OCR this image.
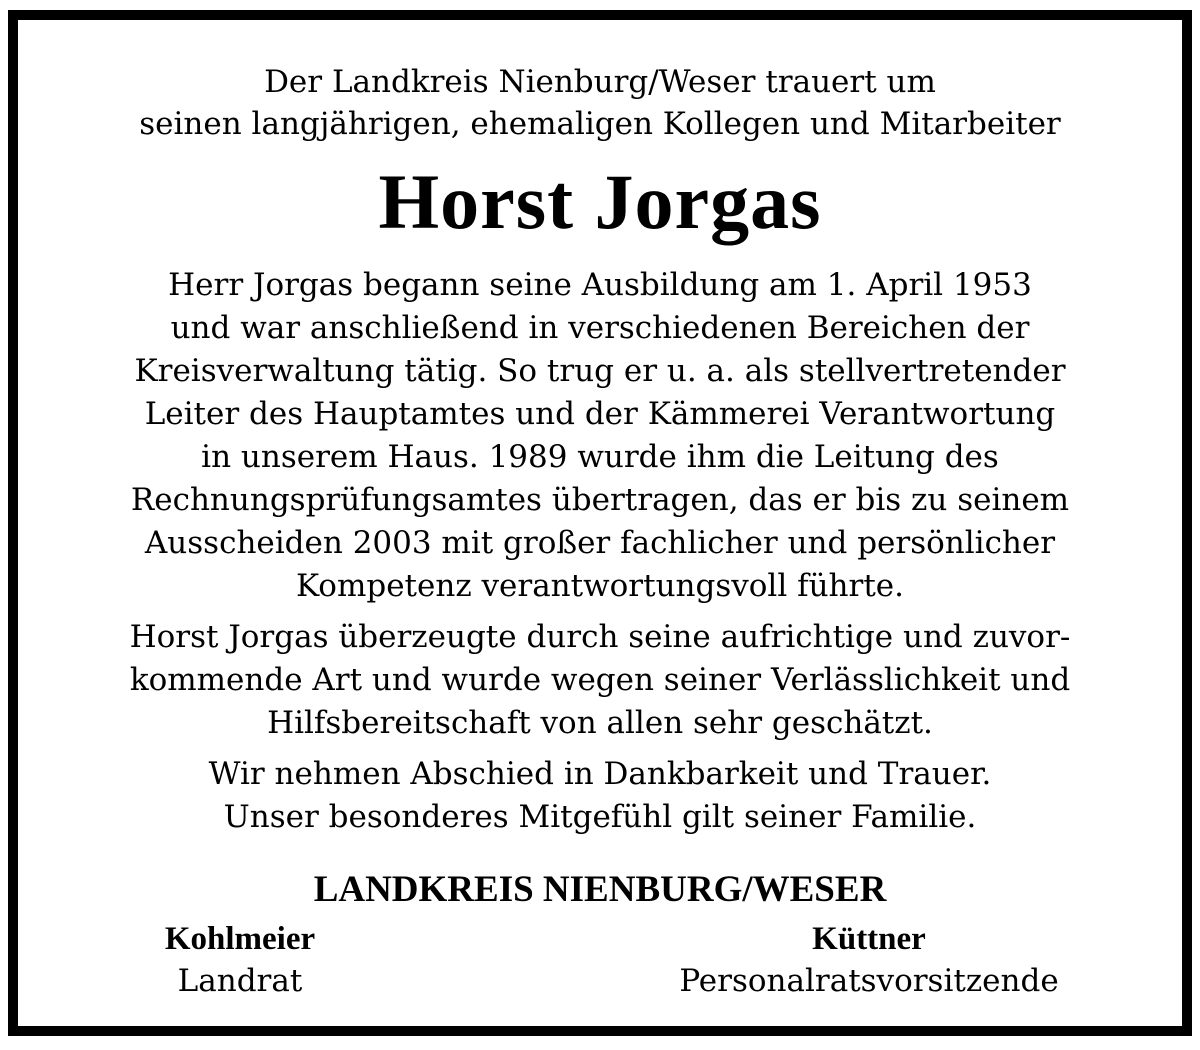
Der Landkreis Nienburg/Weser trauert um
seinen langjährigen, ehemaligen Kollegen und Mitarbeiter
Horst Jorgas
Herr Jorgas begann seine Ausbildung am 1. April 1953
und war anschließend in verschiedenen Bereichen der
Kreisverwaltung tätig. So trug er u. a. als stellvertretender
Leiter des Hauptamtes und der Kämmerei Verantwortung
in unserem Haus. 1989 wurde ihm die Leitung des
Rechnungsprüfungsamtes übertragen, das er bis zu seinem
Ausscheiden 2003 mit großer fachlicher und persönlicher
Kompetenz verantwortungsvoll führte.
Horst Jorgas überzeugte durch seine aufrichtige und zuvor-
kommende Art und wurde wegen seiner Verlässlichkeit und
Hilfsbereitschaft von allen sehr geschätzt.
Wir nehmen Abschied in Dankbarkeit und Trauer.
Unser besonderes Mitgefühl gilt seiner Familie.
LANDKREIS NIENBURG/WESER
Kohlmeier
Landrat
Küttner
Personalratsvorsitzende
